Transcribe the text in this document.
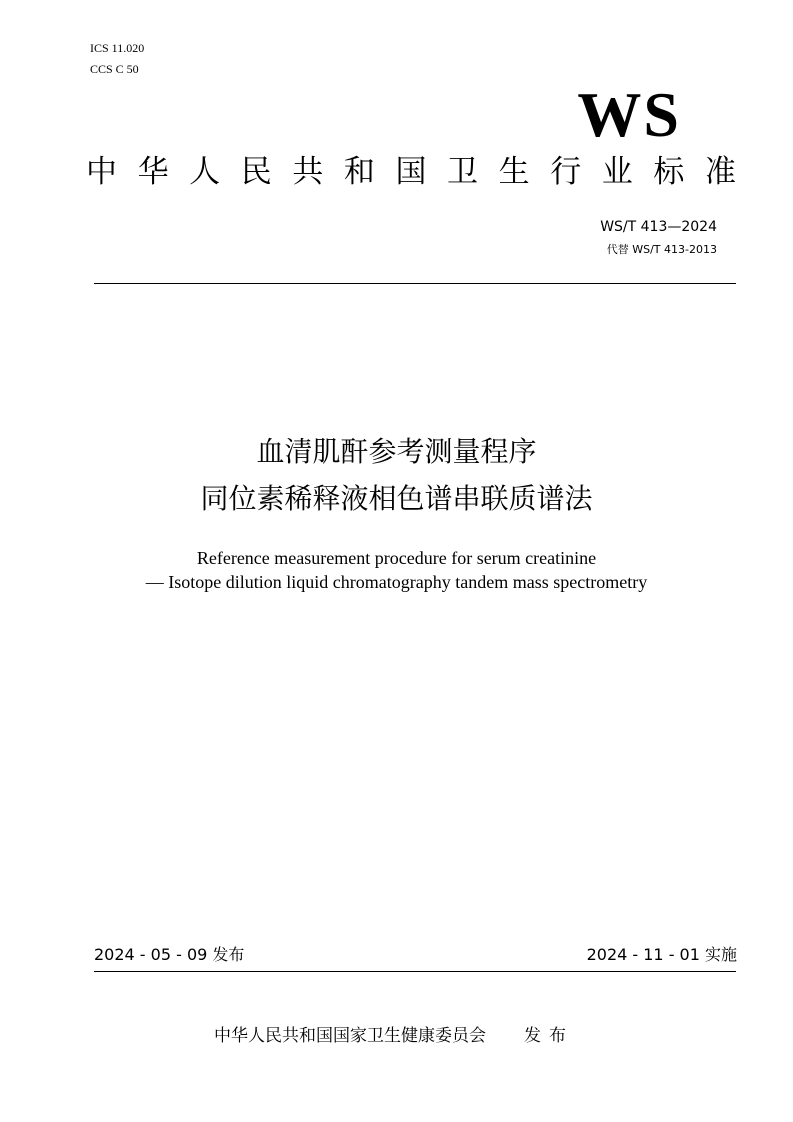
ICS 11.020
CCS C 50
WS
中 华 人 民 共 和 国 卫 生 行 业 标 准
WS/T 413—2024
代替 WS/T 413-2013
血清肌酐参考测量程序
同位素稀释液相色谱串联质谱法
Reference measurement procedure for serum creatinine
— Isotope dilution liquid chromatography tandem mass spectrometry
2024 - 05 - 09 发布	2024 - 11 - 01 实施
中华人民共和国国家卫生健康委员会 发布
